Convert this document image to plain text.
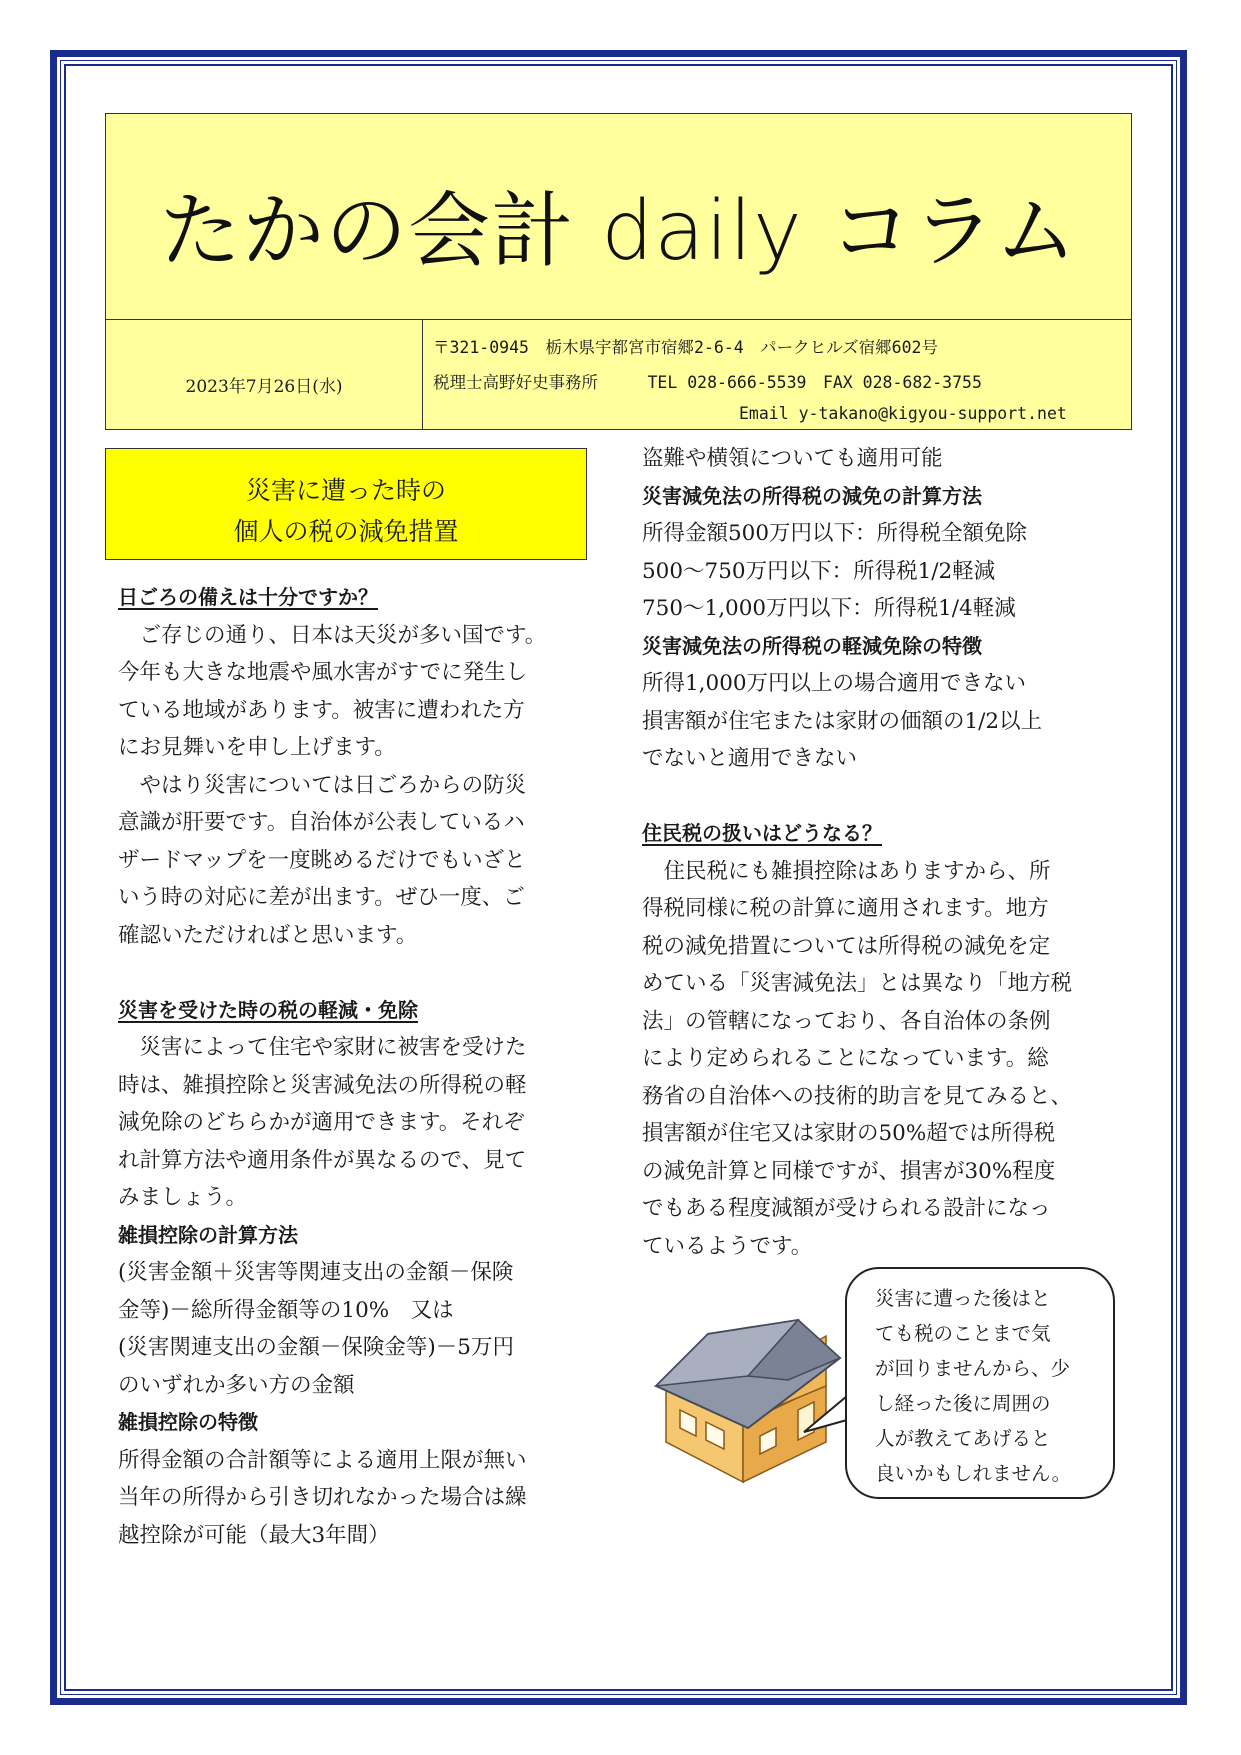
たかの会計 daily コラム
2023年7月26日(水)
〒321-0945　栃木県宇都宮市宿郷2-6-4　パークヒルズ宿郷602号
税理士高野好史事務所　　　TEL 028-666-5539　FAX 028-682-3755
Email y-takano@kigyou-support.net
災害に遭った時の
個人の税の減免措置

日ごろの備えは十分ですか？

　ご存じの通り、日本は天災が多い国です。

今年も大きな地震や風水害がすでに発生し

ている地域があります。被害に遭われた方

にお見舞いを申し上げます。

　やはり災害については日ごろからの防災

意識が肝要です。自治体が公表しているハ

ザードマップを一度眺めるだけでもいざと

いう時の対応に差が出ます。ぜひ一度、ご

確認いただければと思います。

災害を受けた時の税の軽減・免除

　災害によって住宅や家財に被害を受けた

時は、雑損控除と災害減免法の所得税の軽

減免除のどちらかが適用できます。それぞ

れ計算方法や適用条件が異なるので、見て

みましょう。

雑損控除の計算方法

(災害金額＋災害等関連支出の金額－保険

金等)－総所得金額等の10%　又は

(災害関連支出の金額－保険金等)－5万円

のいずれか多い方の金額

雑損控除の特徴

所得金額の合計額等による適用上限が無い

当年の所得から引き切れなかった場合は繰

越控除が可能（最大3年間）

盗難や横領についても適用可能

災害減免法の所得税の減免の計算方法

所得金額500万円以下：所得税全額免除

500～750万円以下：所得税1/2軽減

750～1,000万円以下：所得税1/4軽減

災害減免法の所得税の軽減免除の特徴

所得1,000万円以上の場合適用できない

損害額が住宅または家財の価額の1/2以上

でないと適用できない

住民税の扱いはどうなる？

　住民税にも雑損控除はありますから、所

得税同様に税の計算に適用されます。地方

税の減免措置については所得税の減免を定

めている「災害減免法」とは異なり「地方税

法」の管轄になっており、各自治体の条例

により定められることになっています。総

務省の自治体への技術的助言を見てみると、

損害額が住宅又は家財の50%超では所得税

の減免計算と同様ですが、損害が30%程度

でもある程度減額が受けられる設計になっ

ているようです。

災害に遭った後はと

ても税のことまで気

が回りませんから、少

し経った後に周囲の

人が教えてあげると

良いかもしれません。
